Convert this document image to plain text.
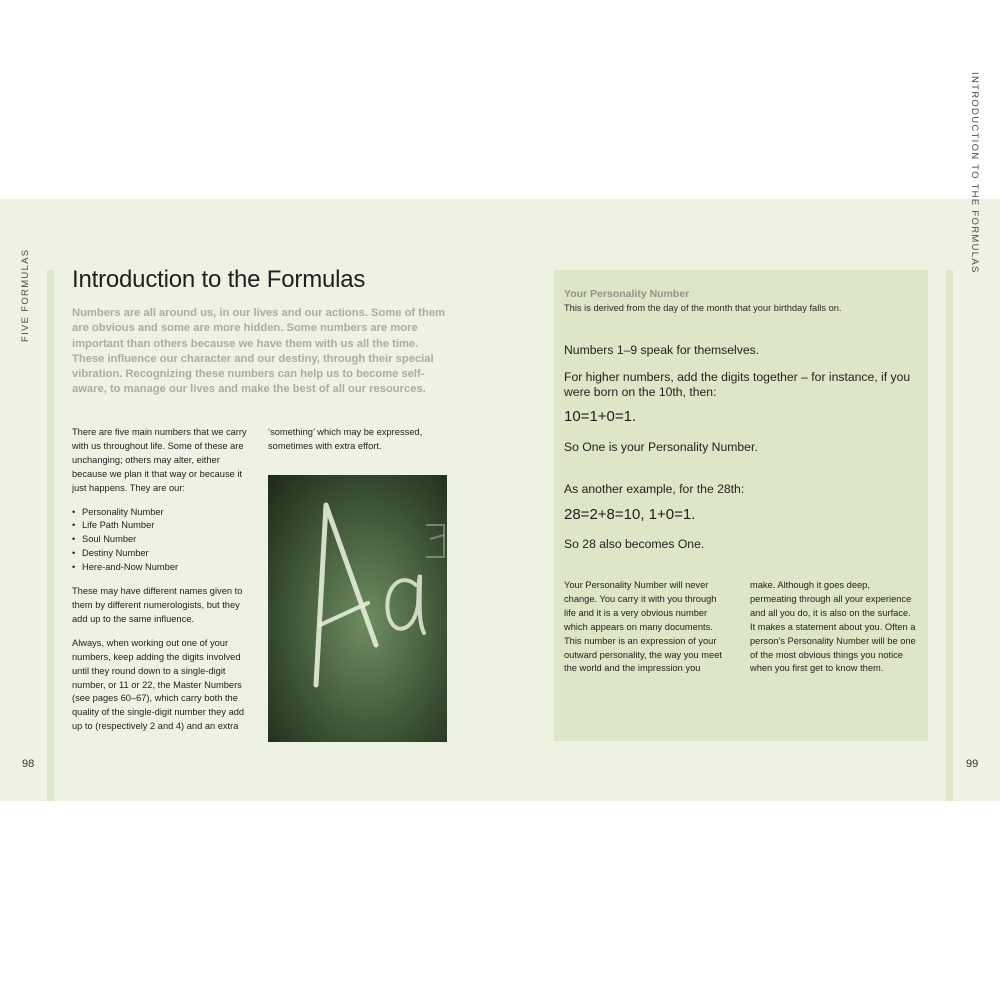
FIVE FORMULAS
INTRODUCTION TO THE FORMULAS
98	99
Introduction to the Formulas
Numbers are all around us, in our lives and our actions. Some of them are obvious and some are more hidden. Some numbers are more important than others because we have them with us all the time. These influence our character and our destiny, through their special vibration. Recognizing these numbers can help us to become self-aware, to manage our lives and make the best of all our resources.

There are five main numbers that we carry with us throughout life. Some of these are unchanging; others may alter, either because we plan it that way or because it just happens. They are our:

• Personality Number
• Life Path Number
• Soul Number
• Destiny Number
• Here-and-Now Number

These may have different names given to them by different numerologists, but they add up to the same influence.

Always, when working out one of your numbers, keep adding the digits involved until they round down to a single-digit number, or 11 or 22, the Master Numbers (see pages 60–67), which carry both the quality of the single-digit number they add up to (respectively 2 and 4) and an extra

‘something’ which may be expressed, sometimes with extra effort.

Your Personality Number
This is derived from the day of the month that your birthday falls on.
Numbers 1–9 speak for themselves.
For higher numbers, add the digits together – for instance, if you were born on the 10th, then:
10=1+0=1.
So One is your Personality Number.
As another example, for the 28th:
28=2+8=10, 1+0=1.
So 28 also becomes One.

Your Personality Number will never change. You carry it with you through life and it is a very obvious number which appears on many documents. This number is an expression of your outward personality, the way you meet the world and the impression you

make. Although it goes deep, permeating through all your experience and all you do, it is also on the surface. It makes a statement about you. Often a person’s Personality Number will be one of the most obvious things you notice when you first get to know them.
